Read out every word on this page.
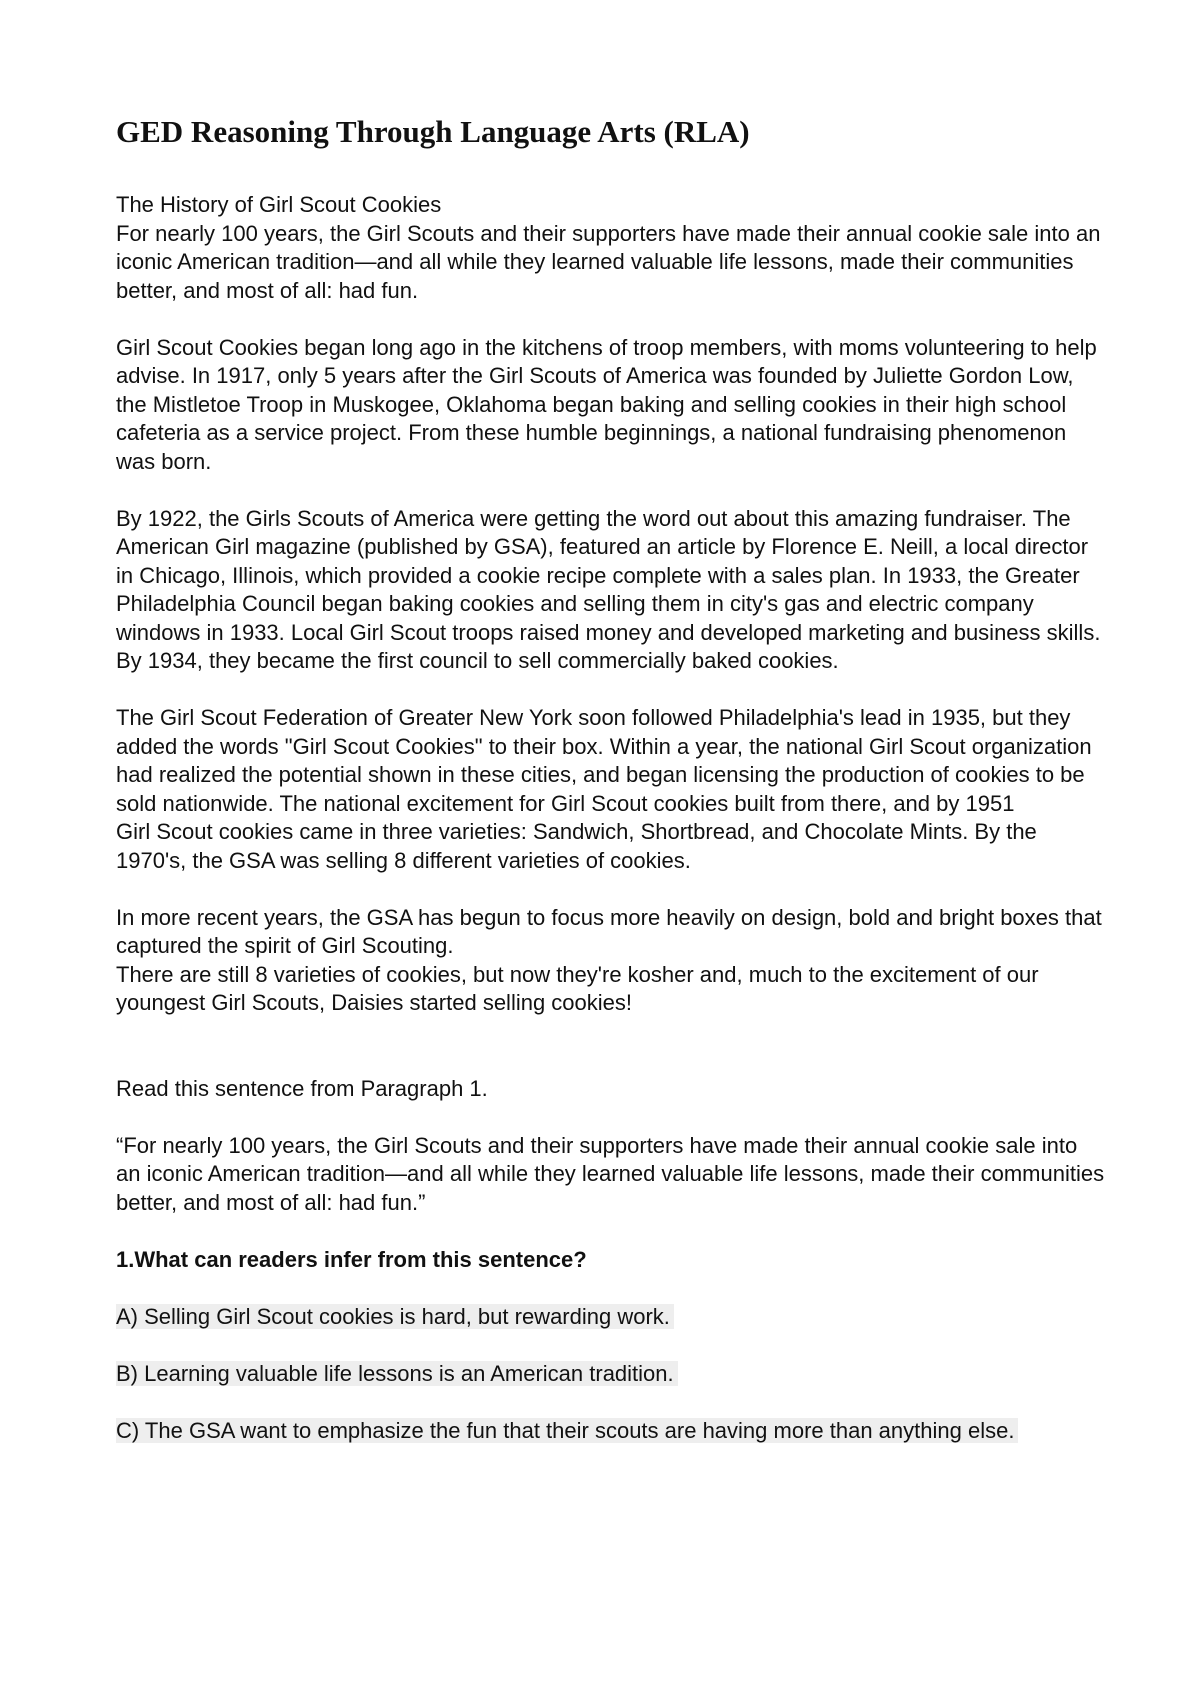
GED Reasoning Through Language Arts (RLA)
The History of Girl Scout Cookies
For nearly 100 years, the Girl Scouts and their supporters have made their annual cookie sale into an iconic American tradition—and all while they learned valuable life lessons, made their communities better, and most of all: had fun.
Girl Scout Cookies began long ago in the kitchens of troop members, with moms volunteering to help advise. In 1917, only 5 years after the Girl Scouts of America was founded by Juliette Gordon Low, the Mistletoe Troop in Muskogee, Oklahoma began baking and selling cookies in their high school cafeteria as a service project. From these humble beginnings, a national fundraising phenomenon was born.
By 1922, the Girls Scouts of America were getting the word out about this amazing fundraiser. The American Girl magazine (published by GSA), featured an article by Florence E. Neill, a local director in Chicago, Illinois, which provided a cookie recipe complete with a sales plan. In 1933, the Greater Philadelphia Council began baking cookies and selling them in city's gas and electric company windows in 1933. Local Girl Scout troops raised money and developed marketing and business skills. By 1934, they became the first council to sell commercially baked cookies.
The Girl Scout Federation of Greater New York soon followed Philadelphia's lead in 1935, but they added the words "Girl Scout Cookies" to their box. Within a year, the national Girl Scout organization had realized the potential shown in these cities, and began licensing the production of cookies to be sold nationwide. The national excitement for Girl Scout cookies built from there, and by 1951
Girl Scout cookies came in three varieties: Sandwich, Shortbread, and Chocolate Mints. By the 1970's, the GSA was selling 8 different varieties of cookies.
In more recent years, the GSA has begun to focus more heavily on design, bold and bright boxes that captured the spirit of Girl Scouting.
There are still 8 varieties of cookies, but now they're kosher and, much to the excitement of our youngest Girl Scouts, Daisies started selling cookies!
Read this sentence from Paragraph 1.
“For nearly 100 years, the Girl Scouts and their supporters have made their annual cookie sale into an iconic American tradition—and all while they learned valuable life lessons, made their communities better, and most of all: had fun.”
1.What can readers infer from this sentence?
A) Selling Girl Scout cookies is hard, but rewarding work.
B) Learning valuable life lessons is an American tradition.
C) The GSA want to emphasize the fun that their scouts are having more than anything else.
